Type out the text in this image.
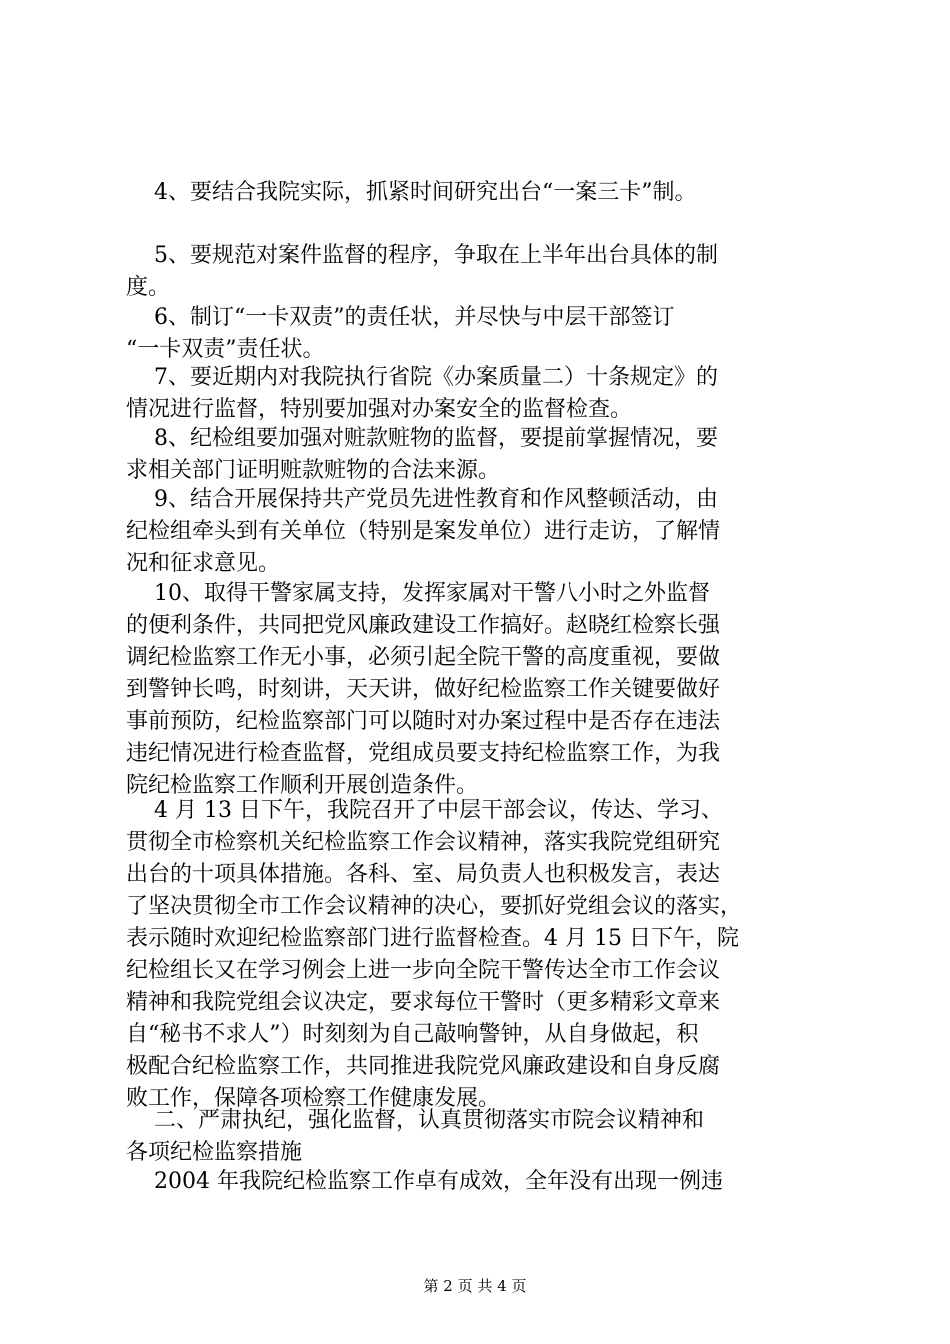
4、要结合我院实际，抓紧时间研究出台“一案三卡”制。

5、要规范对案件监督的程序，争取在上半年出台具体的制
度。

6、制订“一卡双责”的责任状，并尽快与中层干部签订
“一卡双责”责任状。

7、要近期内对我院执行省院《办案质量二）十条规定》的
情况进行监督，特别要加强对办案安全的监督检查。

8、纪检组要加强对赃款赃物的监督，要提前掌握情况，要
求相关部门证明赃款赃物的合法来源。

9、结合开展保持共产党员先进性教育和作风整顿活动，由
纪检组牵头到有关单位（特别是案发单位）进行走访，了解情
况和征求意见。

10、取得干警家属支持，发挥家属对干警八小时之外监督
的便利条件，共同把党风廉政建设工作搞好。赵晓红检察长强
调纪检监察工作无小事，必须引起全院干警的高度重视，要做
到警钟长鸣，时刻讲，天天讲，做好纪检监察工作关键要做好
事前预防，纪检监察部门可以随时对办案过程中是否存在违法
违纪情况进行检查监督，党组成员要支持纪检监察工作，为我
院纪检监察工作顺利开展创造条件。

4 月 13 日下午，我院召开了中层干部会议，传达、学习、
贯彻全市检察机关纪检监察工作会议精神，落实我院党组研究
出台的十项具体措施。各科、室、局负责人也积极发言，表达
了坚决贯彻全市工作会议精神的决心，要抓好党组会议的落实，
表示随时欢迎纪检监察部门进行监督检查。4 月 15 日下午，院
纪检组长又在学习例会上进一步向全院干警传达全市工作会议
精神和我院党组会议决定，要求每位干警时（更多精彩文章来
自“秘书不求人”）时刻刻为自己敲响警钟，从自身做起，积
极配合纪检监察工作，共同推进我院党风廉政建设和自身反腐
败工作，保障各项检察工作健康发展。

二、严肃执纪，强化监督，认真贯彻落实市院会议精神和
各项纪检监察措施

2004 年我院纪检监察工作卓有成效，全年没有出现一例违

第 2 页 共 4 页
